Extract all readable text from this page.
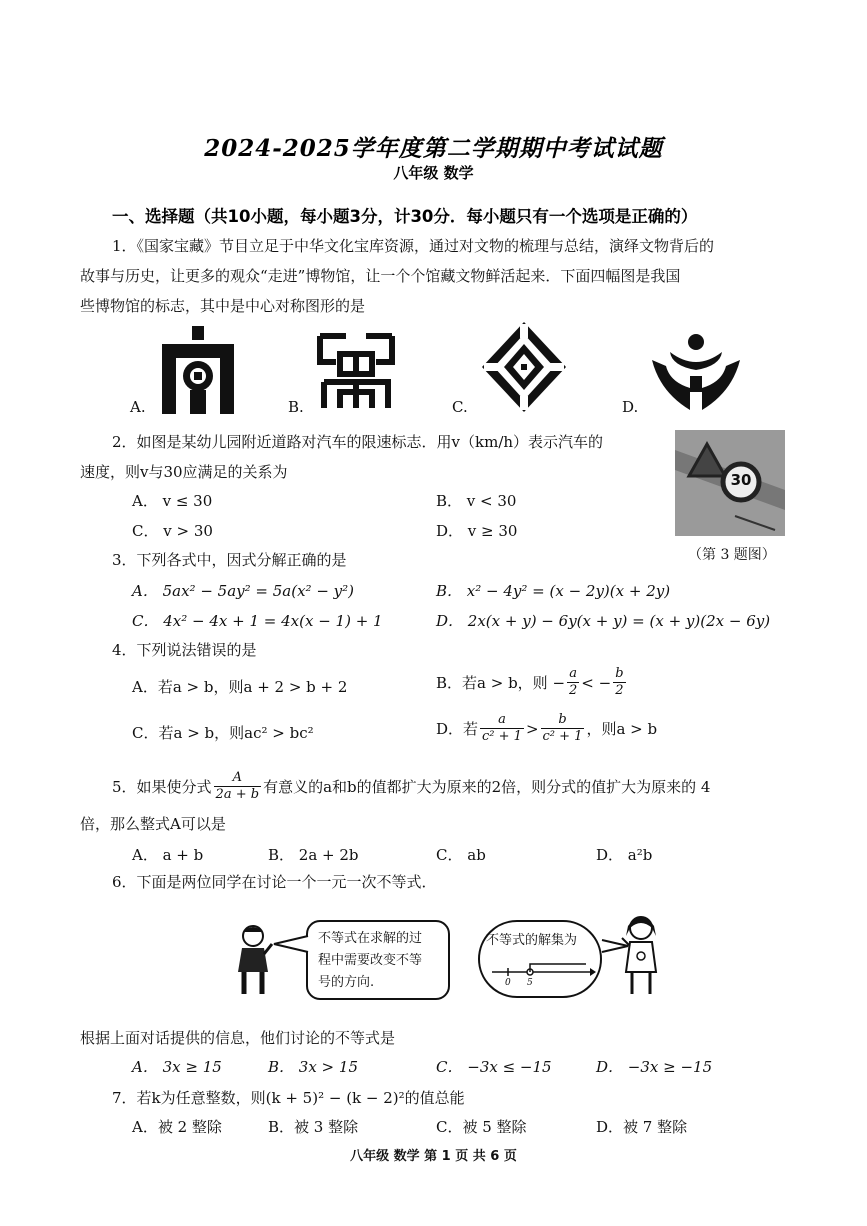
2024-2025学年度第二学期期中考试试题
八年级 数学
一、选择题（共10小题，每小题3分，计30分．每小题只有一个选项是正确的）
1．《国家宝藏》节目立足于中华文化宝库资源，通过对文物的梳理与总结，演绎文物背后的
故事与历史，让更多的观众“走进”博物馆，让一个个馆藏文物鲜活起来．下面四幅图是我国
些博物馆的标志，其中是中心对称图形的是
A.	B.	C.	D.
2．如图是某幼儿园附近道路对汽车的限速标志．用v（km/h）表示汽车的
速度，则v与30应满足的关系为
A． v ≤ 30	B． v < 30
C． v > 30	D． v ≥ 30
30
（第 3 题图）
3．下列各式中，因式分解正确的是
A． 5ax² − 5ay² = 5a(x² − y²)	B． x² − 4y² = (x − 2y)(x + 2y)
C． 4x² − 4x + 1 = 4x(x − 1) + 1	D． 2x(x + y) − 6y(x + y) = (x + y)(2x − 6y)
4．下列说法错误的是
A．若a > b，则a + 2 > b + 2	B．若a > b，则 − $\frac{a}{2}$ < − $\frac{b}{2}$
C．若a > b，则ac² > bc²	D．若 $\frac{a}{\text{c² + 1}} > \frac{b}{\text{c² + 1}}$ ，则a > b
5．如果使分式 $\frac{A}{2a + b}$ 有意义的a和b的值都扩大为原来的2倍，则分式的值扩大为原来的 4
倍，那么整式A可以是
A． a + b	B． 2a + 2b	C． ab	D． a²b
6．下面是两位同学在讨论一个一元一次不等式．
不等式在求解的过
程中需要改变不等
号的方向.
不等式的解集为
0 5
根据上面对话提供的信息，他们讨论的不等式是
A． 3x ≥ 15	B． 3x > 15	C． −3x ≤ −15	D． −3x ≥ −15
7．若k为任意整数，则(k + 5)² − (k − 2)²的值总能
A．被 2 整除	B．被 3 整除	C．被 5 整除	D．被 7 整除
八年级 数学 第 1 页 共 6 页
